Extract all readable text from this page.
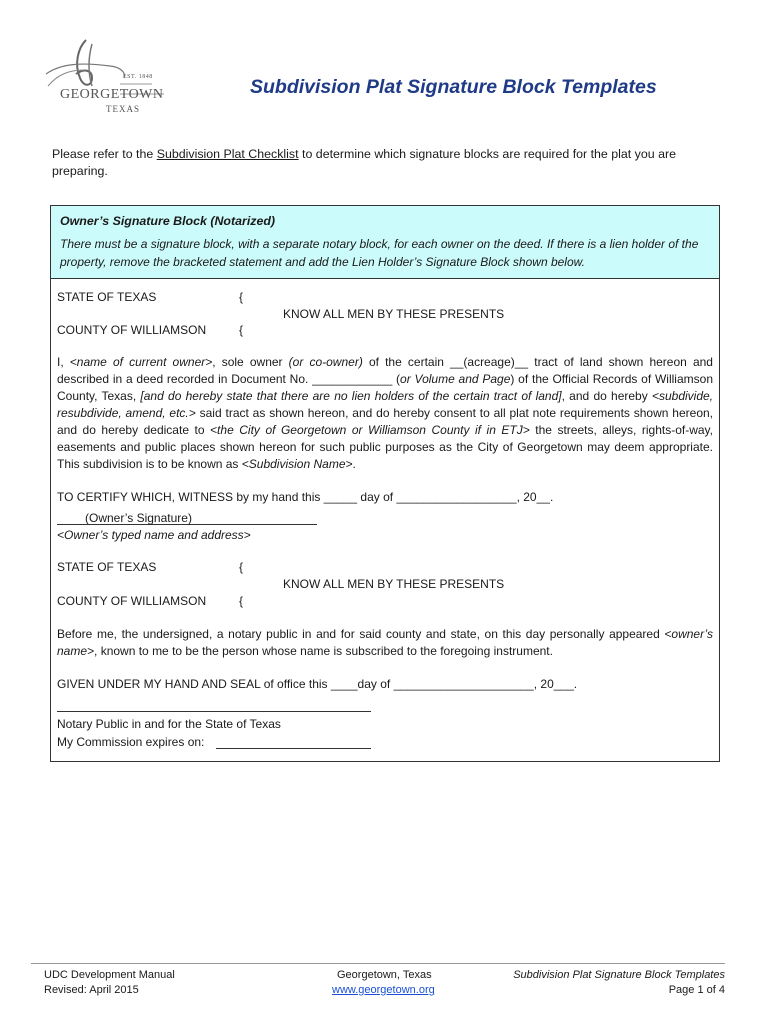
EST. 1848
GEORGETOWN
TEXAS
Subdivision Plat Signature Block Templates
Please refer to the Subdivision Plat Checklist to determine which signature blocks are required for the plat you are preparing.
Owner’s Signature Block (Notarized)
There must be a signature block, with a separate notary block, for each owner on the deed. If there is a lien holder of the property, remove the bracketed statement and add the Lien Holder’s Signature Block shown below.
STATE OF TEXAS	{
KNOW ALL MEN BY THESE PRESENTS
COUNTY OF WILLIAMSON	{
I, <name of current owner>, sole owner (or co-owner) of the certain __(acreage)__ tract of land shown hereon and described in a deed recorded in Document No. ____________ (or Volume and Page) of the Official Records of Williamson County, Texas, [and do hereby state that there are no lien holders of the certain tract of land], and do hereby <subdivide, resubdivide, amend, etc.> said tract as shown hereon, and do hereby consent to all plat note requirements shown hereon, and do hereby dedicate to <the City of Georgetown or Williamson County if in ETJ> the streets, alleys, rights-of-way, easements and public places shown hereon for such public purposes as the City of Georgetown may deem appropriate. This subdivision is to be known as <Subdivision Name>.
TO CERTIFY WHICH, WITNESS by my hand this _____ day of __________________, 20__.
(Owner’s Signature)
<Owner’s typed name and address>
STATE OF TEXAS	{
KNOW ALL MEN BY THESE PRESENTS
COUNTY OF WILLIAMSON	{
Before me, the undersigned, a notary public in and for said county and state, on this day personally appeared <owner’s name>, known to me to be the person whose name is subscribed to the foregoing instrument.
GIVEN UNDER MY HAND AND SEAL of office this ____day of _____________________, 20___.
Notary Public in and for the State of Texas
My Commission expires on:
UDC Development Manual
Revised: April 2015
Georgetown, Texas
www.georgetown.org
Subdivision Plat Signature Block Templates
Page 1 of 4
